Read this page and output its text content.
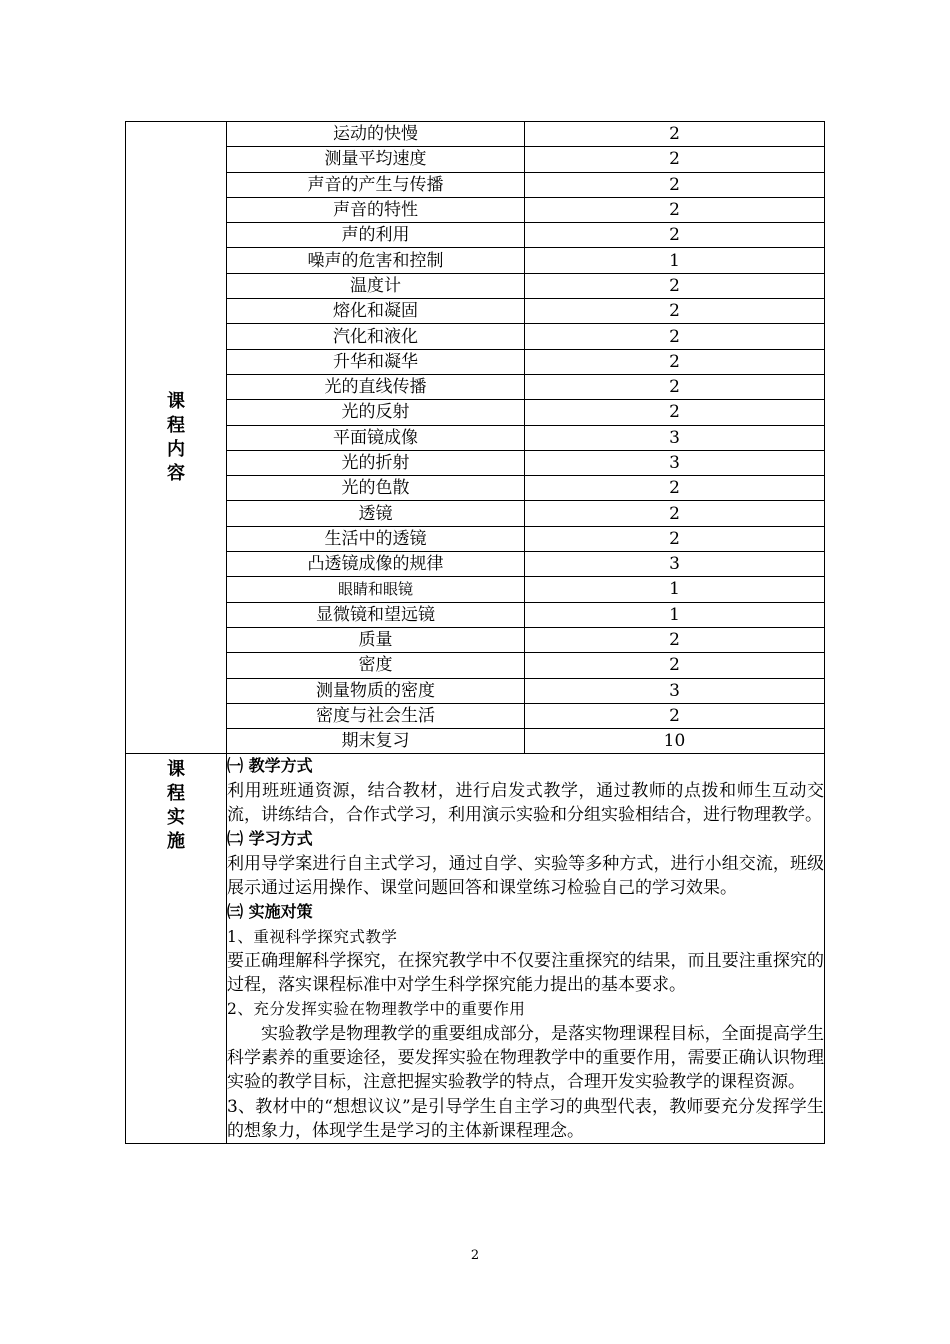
课
程
内
容

运动的快慢	2
测量平均速度	2
声音的产生与传播	2
声音的特性	2
声的利用	2
噪声的危害和控制	1
温度计	2
熔化和凝固	2
汽化和液化	2
升华和凝华	2
光的直线传播	2
光的反射	2
平面镜成像	3
光的折射	3
光的色散	2
透镜	2
生活中的透镜	2
凸透镜成像的规律	3
眼睛和眼镜	1
显微镜和望远镜	1
质量	2
密度	2
测量物质的密度	3
密度与社会生活	2
期末复习	10

课
程
实
施

㈠ 教学方式
利用班班通资源，结合教材，进行启发式教学，通过教师的点拨和师生互动交流，讲练结合，合作式学习，利用演示实验和分组实验相结合，进行物理教学。
㈡ 学习方式
利用导学案进行自主式学习，通过自学、实验等多种方式，进行小组交流，班级展示通过运用操作、课堂问题回答和课堂练习检验自己的学习效果。
㈢ 实施对策
1、重视科学探究式教学
要正确理解科学探究，在探究教学中不仅要注重探究的结果，而且要注重探究的过程，落实课程标准中对学生科学探究能力提出的基本要求。
2、充分发挥实验在物理教学中的重要作用
实验教学是物理教学的重要组成部分，是落实物理课程目标，全面提高学生科学素养的重要途径，要发挥实验在物理教学中的重要作用，需要正确认识物理实验的教学目标，注意把握实验教学的特点，合理开发实验教学的课程资源。
3、教材中的“想想议议”是引导学生自主学习的典型代表，教师要充分发挥学生的想象力，体现学生是学习的主体新课程理念。
2
